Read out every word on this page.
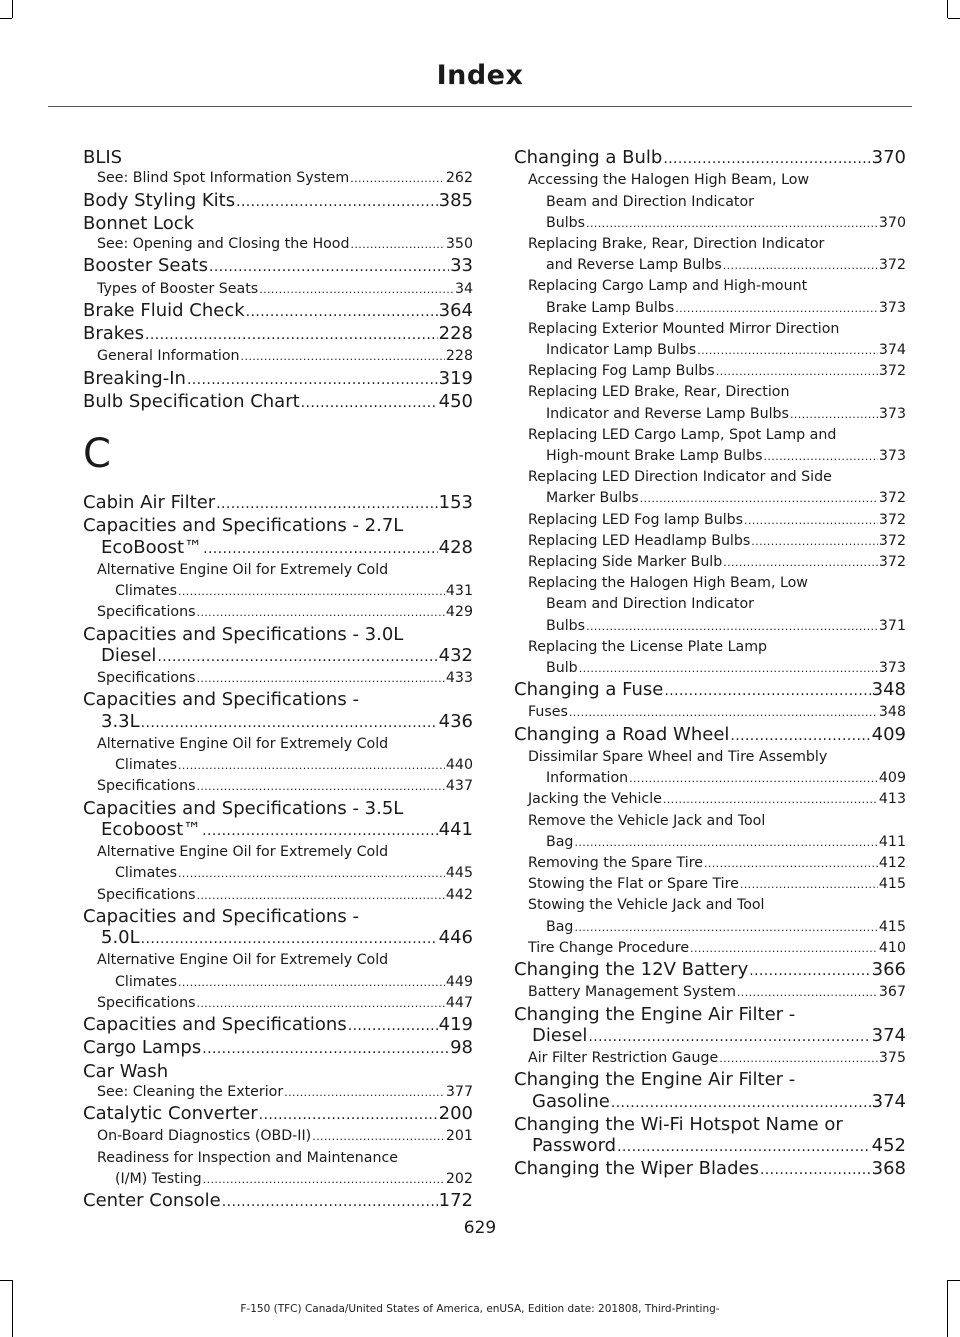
Index
BLIS
See: Blind Spot Information System .....	262
Body Styling Kits .....	385
Bonnet Lock
See: Opening and Closing the Hood .....	350
Booster Seats .....	33
Types of Booster Seats .....	34
Brake Fluid Check .....	364
Brakes .....	228
General Information .....	228
Breaking-In .....	319
Bulb Specification Chart .....	450
C
Cabin Air Filter .....	153
Capacities and Specifications - 2.7L
EcoBoost™ .....	428
Alternative Engine Oil for Extremely Cold
Climates .....	431
Specifications .....	429
Capacities and Specifications - 3.0L
Diesel .....	432
Specifications .....	433
Capacities and Specifications -
3.3L .....	436
Alternative Engine Oil for Extremely Cold
Climates .....	440
Specifications .....	437
Capacities and Specifications - 3.5L
Ecoboost™ .....	441
Alternative Engine Oil for Extremely Cold
Climates .....	445
Specifications .....	442
Capacities and Specifications -
5.0L .....	446
Alternative Engine Oil for Extremely Cold
Climates .....	449
Specifications .....	447
Capacities and Specifications .....	419
Cargo Lamps .....	98
Car Wash
See: Cleaning the Exterior .....	377
Catalytic Converter .....	200
On-Board Diagnostics (OBD-II) .....	201
Readiness for Inspection and Maintenance
(I/M) Testing .....	202
Center Console .....	172
Changing a Bulb .....	370
Accessing the Halogen High Beam, Low
Beam and Direction Indicator
Bulbs .....	370
Replacing Brake, Rear, Direction Indicator
and Reverse Lamp Bulbs .....	372
Replacing Cargo Lamp and High-mount
Brake Lamp Bulbs .....	373
Replacing Exterior Mounted Mirror Direction
Indicator Lamp Bulbs .....	374
Replacing Fog Lamp Bulbs .....	372
Replacing LED Brake, Rear, Direction
Indicator and Reverse Lamp Bulbs .....	373
Replacing LED Cargo Lamp, Spot Lamp and
High-mount Brake Lamp Bulbs .....	373
Replacing LED Direction Indicator and Side
Marker Bulbs .....	372
Replacing LED Fog lamp Bulbs .....	372
Replacing LED Headlamp Bulbs .....	372
Replacing Side Marker Bulb .....	372
Replacing the Halogen High Beam, Low
Beam and Direction Indicator
Bulbs .....	371
Replacing the License Plate Lamp
Bulb .....	373
Changing a Fuse .....	348
Fuses .....	348
Changing a Road Wheel .....	409
Dissimilar Spare Wheel and Tire Assembly
Information .....	409
Jacking the Vehicle .....	413
Remove the Vehicle Jack and Tool
Bag .....	411
Removing the Spare Tire .....	412
Stowing the Flat or Spare Tire .....	415
Stowing the Vehicle Jack and Tool
Bag .....	415
Tire Change Procedure .....	410
Changing the 12V Battery .....	366
Battery Management System .....	367
Changing the Engine Air Filter -
Diesel .....	374
Air Filter Restriction Gauge .....	375
Changing the Engine Air Filter -
Gasoline .....	374
Changing the Wi-Fi Hotspot Name or
Password .....	452
Changing the Wiper Blades .....	368
629
F-150 (TFC) Canada/United States of America, enUSA, Edition date: 201808, Third-Printing-
